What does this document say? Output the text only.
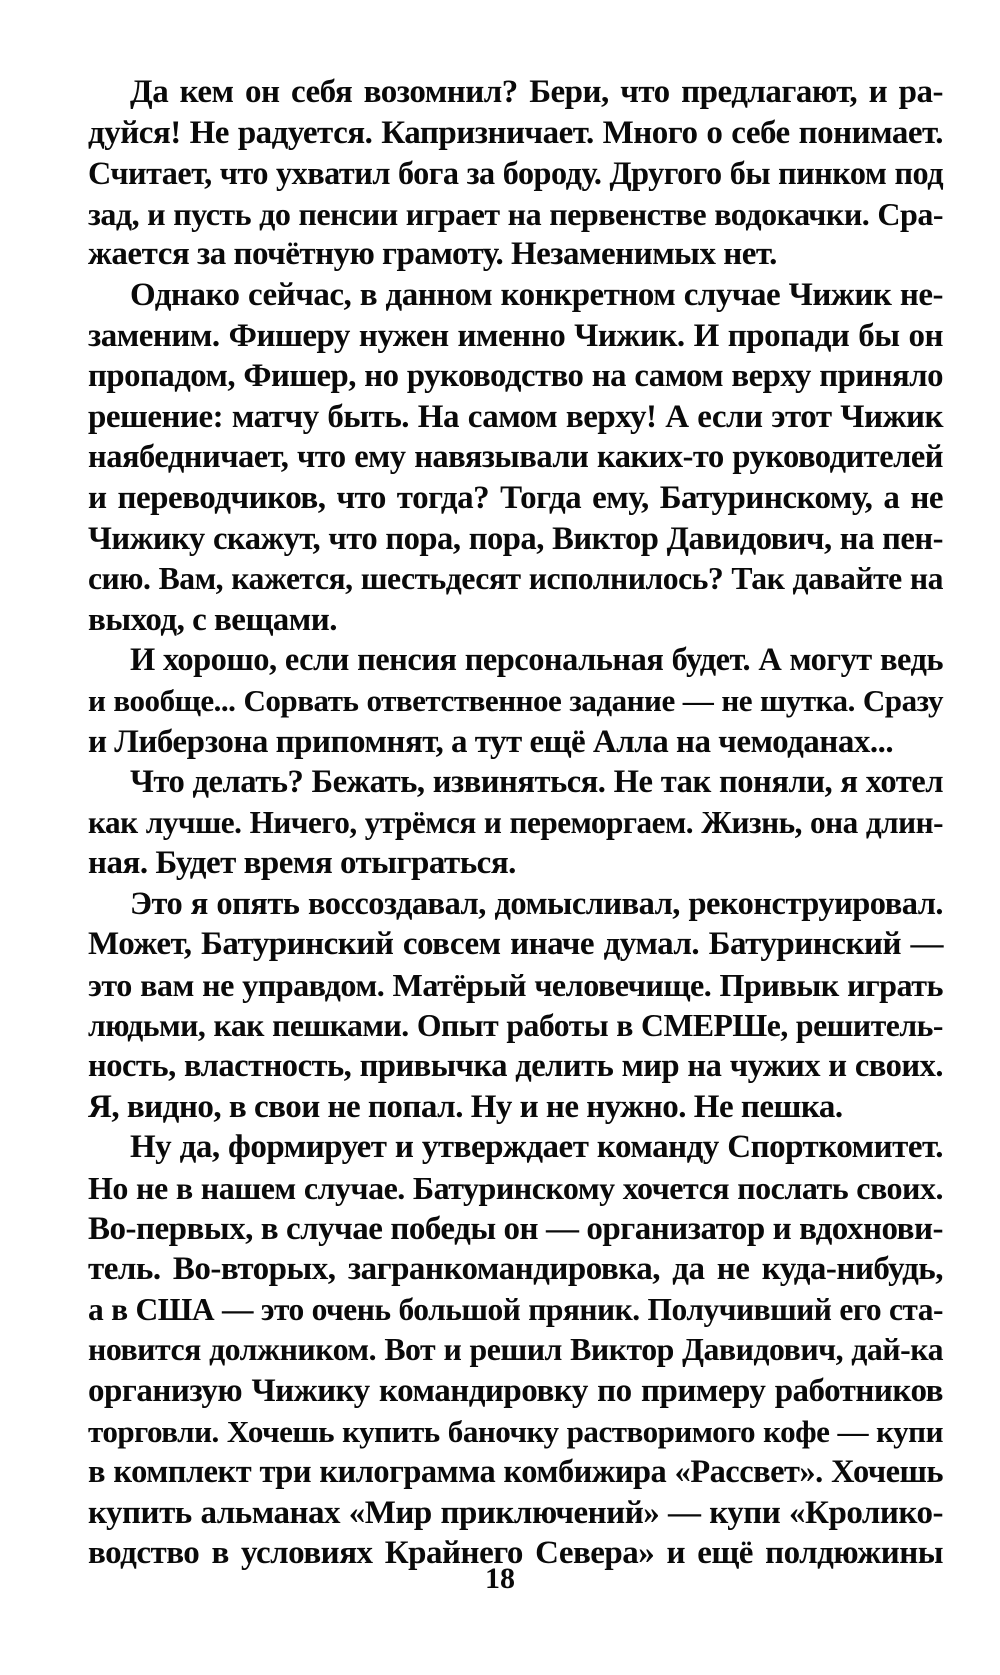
Да кем он себя возомнил? Бери, что предлагают, и ра-
дуйся! Не радуется. Капризничает. Много о себе понимает.
Считает, что ухватил бога за бороду. Другого бы пинком под
зад, и пусть до пенсии играет на первенстве водокачки. Сра-
жается за почётную грамоту. Незаменимых нет.
Однако сейчас, в данном конкретном случае Чижик не-
заменим. Фишеру нужен именно Чижик. И пропади бы он
пропадом, Фишер, но руководство на самом верху приняло
решение: матчу быть. На самом верху! А если этот Чижик
наябедничает, что ему навязывали каких-то руководителей
и переводчиков, что тогда? Тогда ему, Батуринскому, а не
Чижику скажут, что пора, пора, Виктор Давидович, на пен-
сию. Вам, кажется, шестьдесят исполнилось? Так давайте на
выход, с вещами.
И хорошо, если пенсия персональная будет. А могут ведь
и вообще... Сорвать ответственное задание — не шутка. Сразу
и Либерзона припомнят, а тут ещё Алла на чемоданах...
Что делать? Бежать, извиняться. Не так поняли, я хотел
как лучше. Ничего, утрёмся и переморгаем. Жизнь, она длин-
ная. Будет время отыграться.
Это я опять воссоздавал, домысливал, реконструировал.
Может, Батуринский совсем иначе думал. Батуринский —
это вам не управдом. Матёрый человечище. Привык играть
людьми, как пешками. Опыт работы в СМЕРШе, решитель-
ность, властность, привычка делить мир на чужих и своих.
Я, видно, в свои не попал. Ну и не нужно. Не пешка.
Ну да, формирует и утверждает команду Спорткомитет.
Но не в нашем случае. Батуринскому хочется послать своих.
Во-первых, в случае победы он — организатор и вдохнови-
тель. Во-вторых, загранкомандировка, да не куда-нибудь,
а в США — это очень большой пряник. Получивший его ста-
новится должником. Вот и решил Виктор Давидович, дай-ка
организую Чижику командировку по примеру работников
торговли. Хочешь купить баночку растворимого кофе — купи
в комплект три килограмма комбижира «Рассвет». Хочешь
купить альманах «Мир приключений» — купи «Кролико-
водство в условиях Крайнего Севера» и ещё полдюжины
18
